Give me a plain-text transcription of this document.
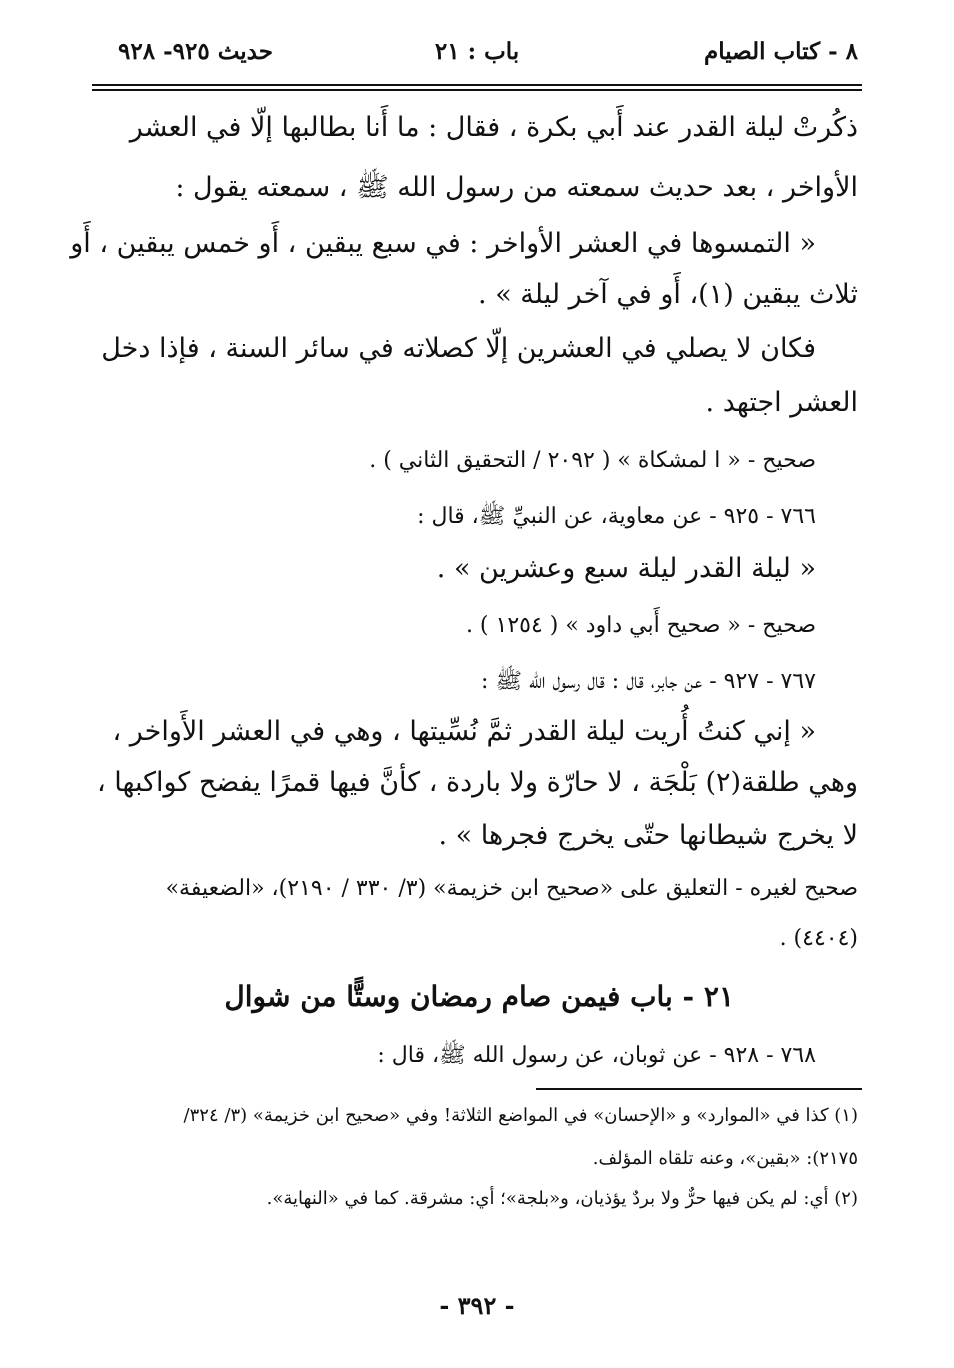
٨ - كتاب الصيام
باب : ٢١
حديث ٩٢٥- ٩٢٨
ذكُرتْ ليلة القدر عند أَبي بكرة ، فقال : ما أَنا بطالبها إلّا في العشر
الأواخر ، بعد حديث سمعته من رسول الله ﷺ ، سمعته يقول :
« التمسوها في العشر الأواخر : في سبع يبقين ، أَو خمس يبقين ، أَو
ثلاث يبقين (١)، أَو في آخر ليلة » .
فكان لا يصلي في العشرين إلّا كصلاته في سائر السنة ، فإذا دخل
العشر اجتهد .
صحيح - « ا لمشكاة » ( ٢٠٩٢ / التحقيق الثاني ) .
٧٦٦ - ٩٢٥ - عن معاوية، عن النبيِّ ﷺ، قال :
« ليلة القدر ليلة سبع وعشرين » .
صحيح - « صحيح أَبي داود » ( ١٢٥٤ ) .
٧٦٧ - ٩٢٧ - عن جابر، قال : قال رسول الله ﷺ :
« إني كنتُ أُريت ليلة القدر ثمَّ نُسِّيتها ، وهي في العشر الأَواخر ،
وهي طلقة(٢) بَلْجَة ، لا حارّة ولا باردة ، كأنَّ فيها قمرًا يفضح كواكبها ،
لا يخرج شيطانها حتّى يخرج فجرها » .
صحيح لغيره - التعليق على «صحيح ابن خزيمة» (٣/ ٣٣٠ / ٢١٩٠)، «الضعيفة»
(٤٤٠٤) .
٢١ - باب فيمن صام رمضان وستًّا من شوال
٧٦٨ - ٩٢٨ - عن ثوبان، عن رسول الله ﷺ، قال :
(١) كذا في «الموارد» و «الإحسان» في المواضع الثلاثة! وفي «صحيح ابن خزيمة» (٣/ ٣٢٤/
٢١٧٥): «بقين»، وعنه تلقاه المؤلف.
(٢) أي: لم يكن فيها حرٌّ ولا بردٌ يؤذيان، و«بلجة»؛ أي: مشرقة. كما في «النهاية».
- ٣٩٢ -
